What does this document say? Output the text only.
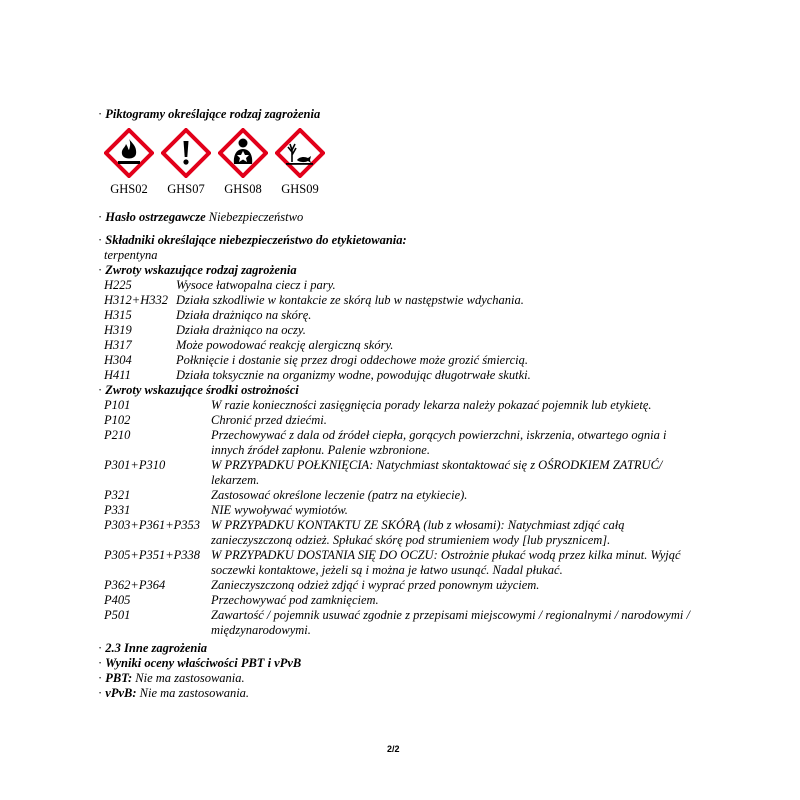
· Piktogramy określające rodzaj zagrożenia
GHS02	GHS07	GHS08	GHS09
· Hasło ostrzegawcze Niebezpieczeństwo
· Składniki określające niebezpieczeństwo do etykietowania:
terpentyna
· Zwroty wskazujące rodzaj zagrożenia
H225	Wysoce łatwopalna ciecz i pary.
H312+H332 Działa szkodliwie w kontakcie ze skórą lub w następstwie wdychania.
H315	Działa drażniąco na skórę.
H319	Działa drażniąco na oczy.
H317	Może powodować reakcję alergiczną skóry.
H304	Połknięcie i dostanie się przez drogi oddechowe może grozić śmiercią.
H411	Działa toksycznie na organizmy wodne, powodując długotrwałe skutki.
· Zwroty wskazujące środki ostrożności
P101	W razie konieczności zasięgnięcia porady lekarza należy pokazać pojemnik lub etykietę.
P102	Chronić przed dziećmi.
P210	Przechowywać z dala od źródeł ciepła, gorących powierzchni, iskrzenia, otwartego ognia i innych źródeł zapłonu. Palenie wzbronione.
P301+P310	W PRZYPADKU POŁKNIĘCIA: Natychmiast skontaktować się z OŚRODKIEM ZATRUĆ/ lekarzem.
P321	Zastosować określone leczenie (patrz na etykiecie).
P331	NIE wywoływać wymiotów.
P303+P361+P353 W PRZYPADKU KONTAKTU ZE SKÓRĄ (lub z włosami): Natychmiast zdjąć całą zanieczyszczoną odzież. Spłukać skórę pod strumieniem wody [lub prysznicem].
P305+P351+P338 W PRZYPADKU DOSTANIA SIĘ DO OCZU: Ostrożnie płukać wodą przez kilka minut. Wyjąć soczewki kontaktowe, jeżeli są i można je łatwo usunąć. Nadal płukać.
P362+P364	Zanieczyszczoną odzież zdjąć i wyprać przed ponownym użyciem.
P405	Przechowywać pod zamknięciem.
P501	Zawartość / pojemnik usuwać zgodnie z przepisami miejscowymi / regionalnymi / narodowymi / międzynarodowymi.
· 2.3 Inne zagrożenia
· Wyniki oceny właściwości PBT i vPvB
· PBT: Nie ma zastosowania.
· vPvB: Nie ma zastosowania.
2/2
